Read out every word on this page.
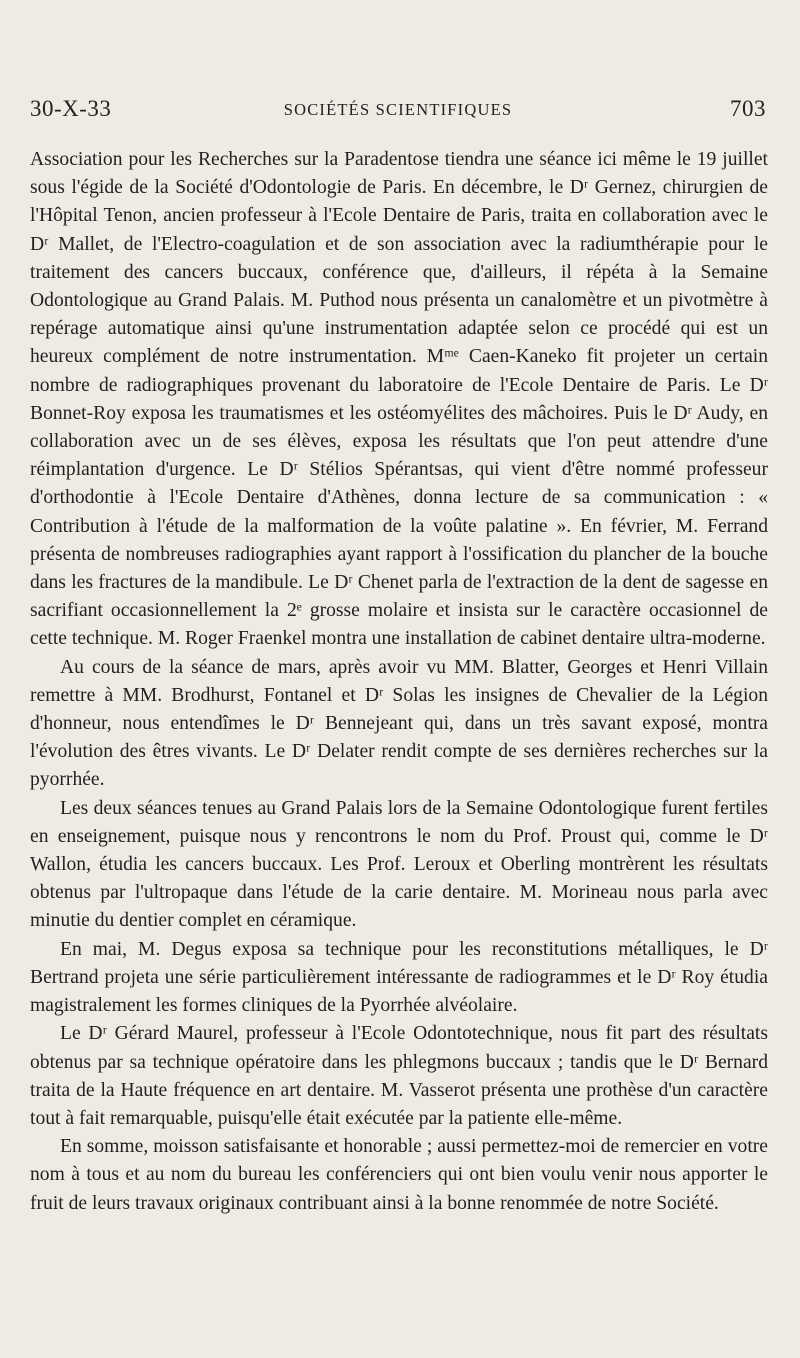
30-X-33	SOCIÉTÉS SCIENTIFIQUES	703

Association pour les Recherches sur la Paradentose tiendra une séance ici même le 19 juillet sous l'égide de la Société d'Odontologie de Paris. En décembre, le Dʳ Gernez, chirurgien de l'Hôpital Tenon, ancien professeur à l'Ecole Dentaire de Paris, traita en collaboration avec le Dʳ Mallet, de l'Electro-coagulation et de son association avec la radiumthérapie pour le traitement des cancers buccaux, conférence que, d'ailleurs, il répéta à la Semaine Odontologique au Grand Palais. M. Puthod nous présenta un canalomètre et un pivotmètre à repérage automatique ainsi qu'une instrumentation adaptée selon ce procédé qui est un heureux complément de notre instrumentation. Mᵐᵉ Caen-Kaneko fit projeter un certain nombre de radiographiques provenant du laboratoire de l'Ecole Dentaire de Paris. Le Dʳ Bonnet-Roy exposa les traumatismes et les ostéomyélites des mâchoires. Puis le Dʳ Audy, en collaboration avec un de ses élèves, exposa les résultats que l'on peut attendre d'une réimplantation d'urgence. Le Dʳ Stélios Spérantsas, qui vient d'être nommé professeur d'orthodontie à l'Ecole Dentaire d'Athènes, donna lecture de sa communication : « Contribution à l'étude de la malformation de la voûte palatine ». En février, M. Ferrand présenta de nombreuses radiographies ayant rapport à l'ossification du plancher de la bouche dans les fractures de la mandibule. Le Dʳ Chenet parla de l'extraction de la dent de sagesse en sacrifiant occasionnellement la 2ᵉ grosse molaire et insista sur le caractère occasionnel de cette technique. M. Roger Fraenkel montra une installation de cabinet dentaire ultra-moderne.

Au cours de la séance de mars, après avoir vu MM. Blatter, Georges et Henri Villain remettre à MM. Brodhurst, Fontanel et Dʳ Solas les insignes de Chevalier de la Légion d'honneur, nous entendîmes le Dʳ Bennejeant qui, dans un très savant exposé, montra l'évolution des êtres vivants. Le Dʳ Delater rendit compte de ses dernières recherches sur la pyorrhée.

Les deux séances tenues au Grand Palais lors de la Semaine Odontologique furent fertiles en enseignement, puisque nous y rencontrons le nom du Prof. Proust qui, comme le Dʳ Wallon, étudia les cancers buccaux. Les Prof. Leroux et Oberling montrèrent les résultats obtenus par l'ultropaque dans l'étude de la carie dentaire. M. Morineau nous parla avec minutie du dentier complet en céramique.

En mai, M. Degus exposa sa technique pour les reconstitutions métalliques, le Dʳ Bertrand projeta une série particulièrement intéressante de radiogrammes et le Dʳ Roy étudia magistralement les formes cliniques de la Pyorrhée alvéolaire.

Le Dʳ Gérard Maurel, professeur à l'Ecole Odontotechnique, nous fit part des résultats obtenus par sa technique opératoire dans les phlegmons buccaux ; tandis que le Dʳ Bernard traita de la Haute fréquence en art dentaire. M. Vasserot présenta une prothèse d'un caractère tout à fait remarquable, puisqu'elle était exécutée par la patiente elle-même.

En somme, moisson satisfaisante et honorable ; aussi permettez-moi de remercier en votre nom à tous et au nom du bureau les conférenciers qui ont bien voulu venir nous apporter le fruit de leurs travaux originaux contribuant ainsi à la bonne renommée de notre Société.
